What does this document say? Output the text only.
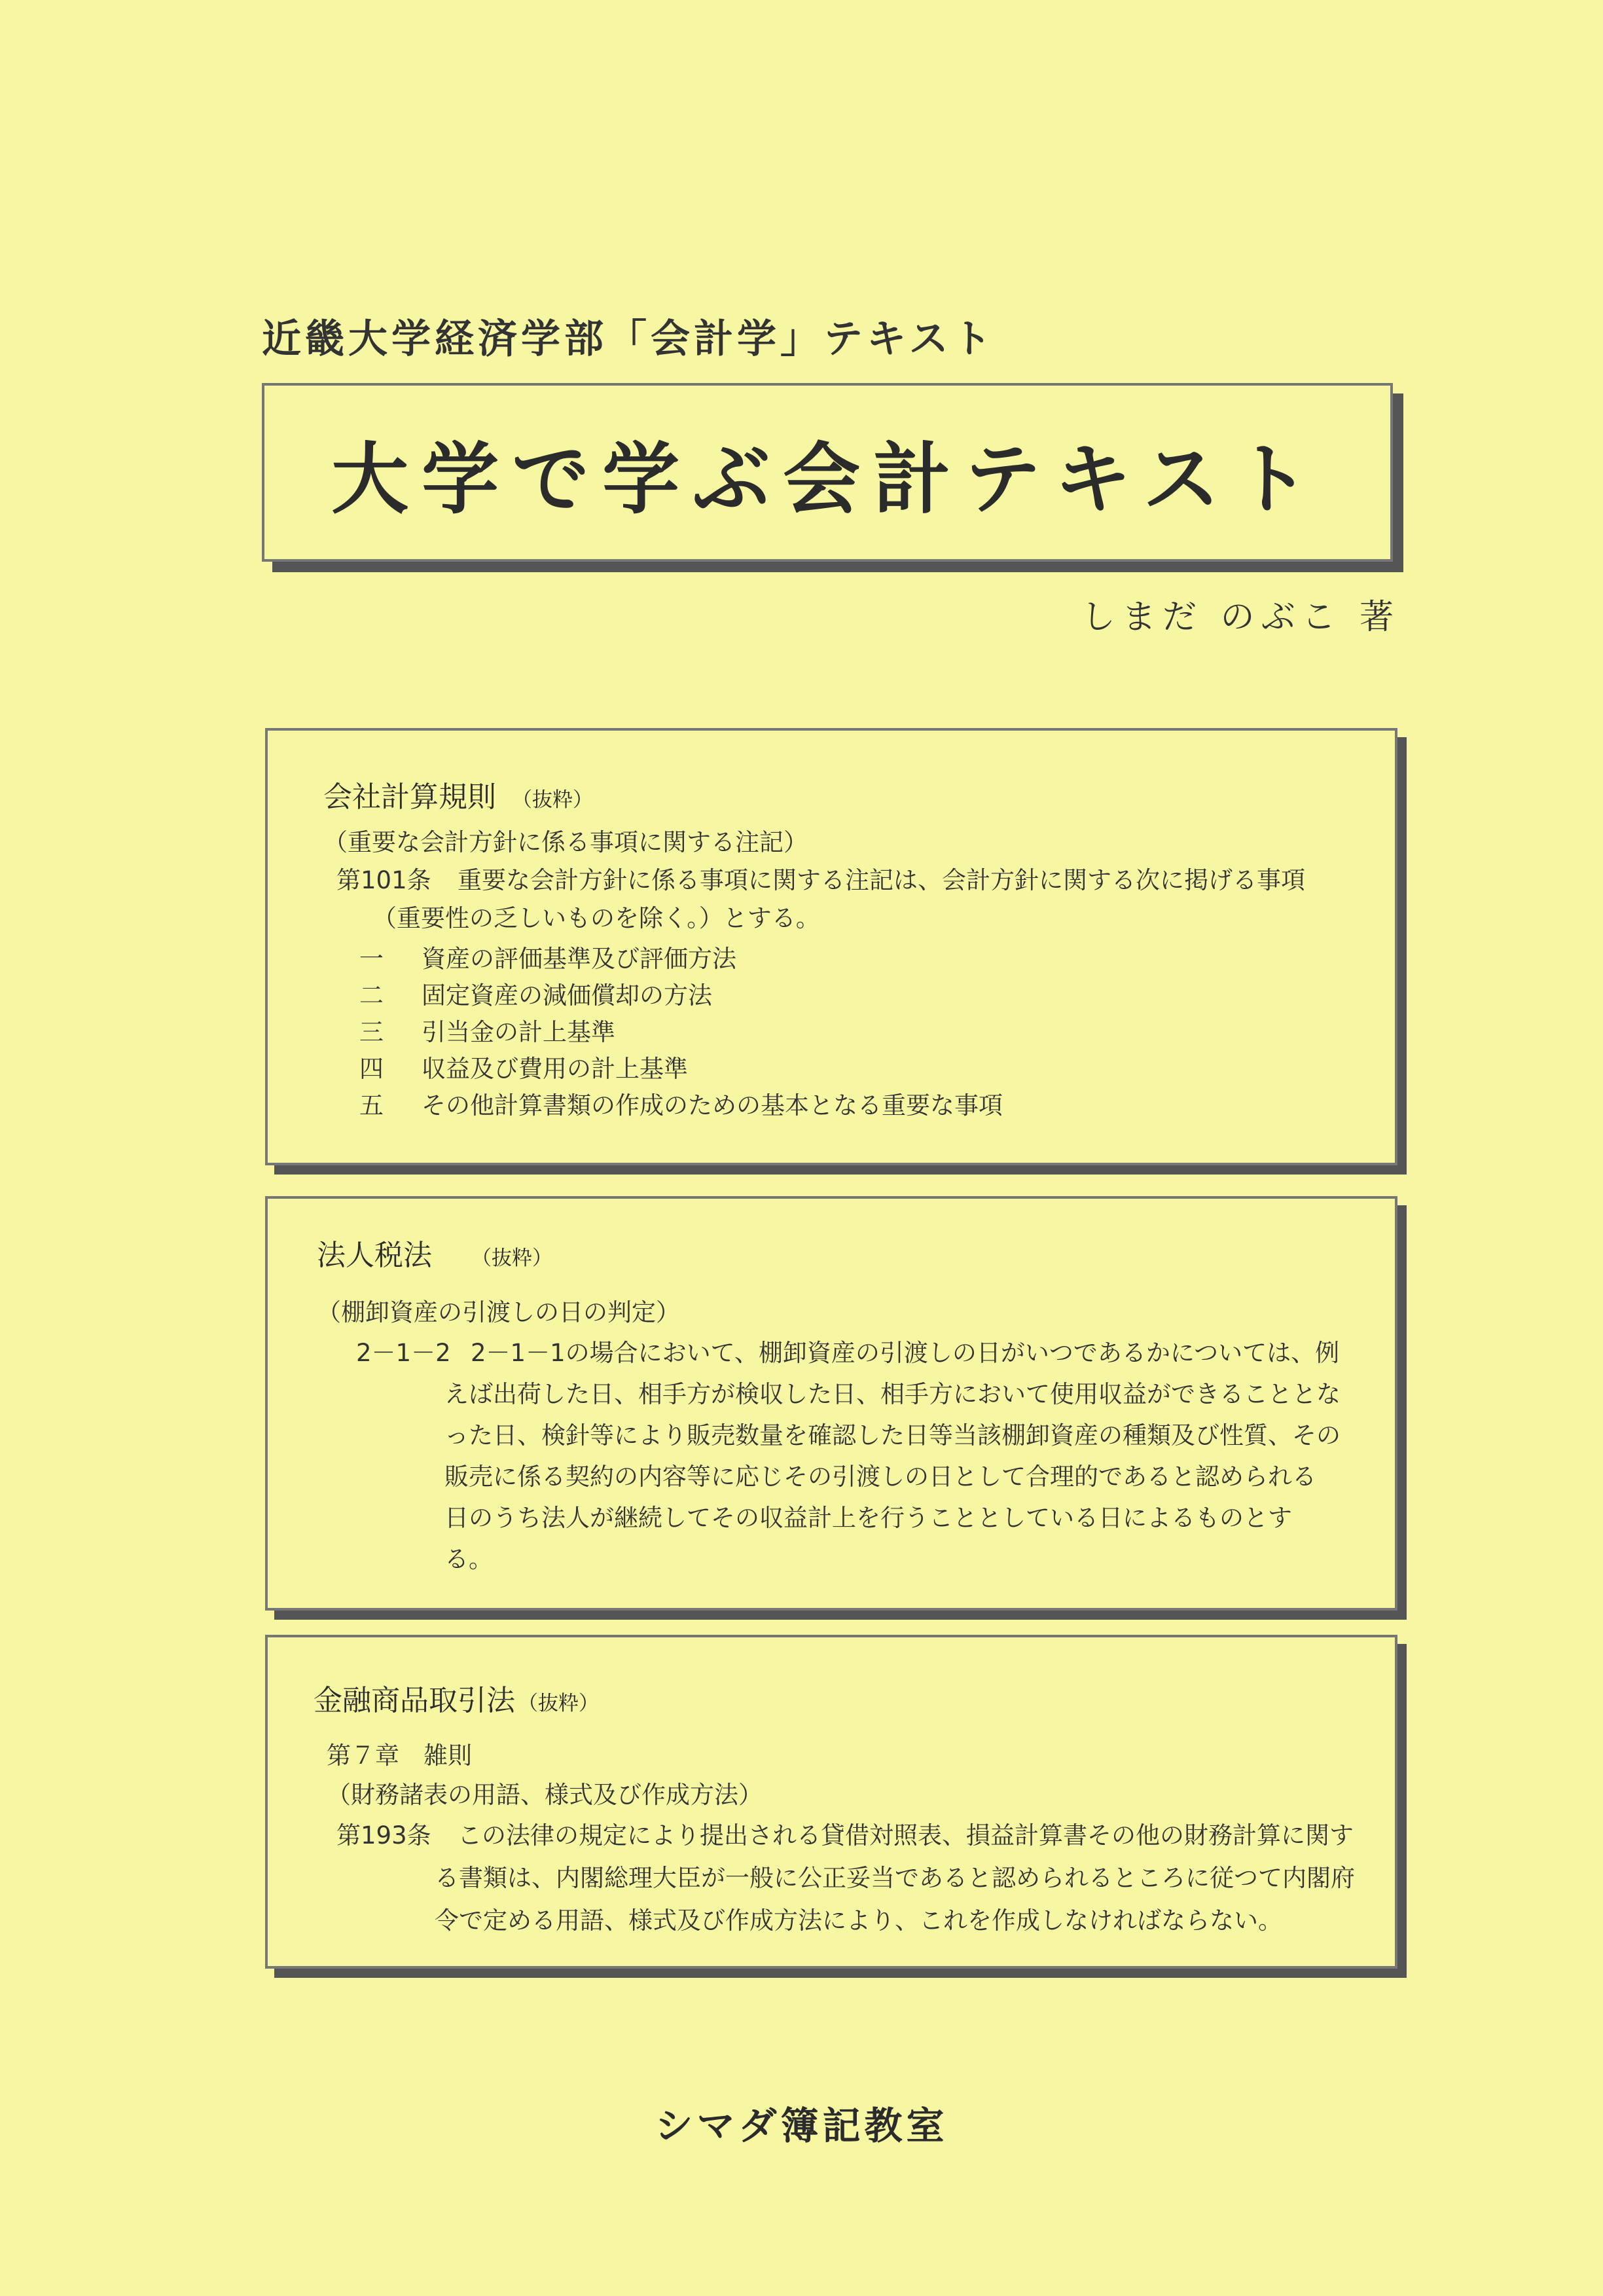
近畿大学経済学部「会計学」テキスト
大学で学ぶ会計テキスト
しまだ のぶこ 著
会社計算規則 （抜粋）
（重要な会計方針に係る事項に関する注記）
第101条 重要な会計方針に係る事項に関する注記は、会計方針に関する次に掲げる事項
（重要性の乏しいものを除く。）とする。
一 資産の評価基準及び評価方法
二 固定資産の減価償却の方法
三 引当金の計上基準
四 収益及び費用の計上基準
五 その他計算書類の作成のための基本となる重要な事項
法人税法 （抜粋）
（棚卸資産の引渡しの日の判定）
2－1－2 2－1－1の場合において、棚卸資産の引渡しの日がいつであるかについては、例
えば出荷した日、相手方が検収した日、相手方において使用収益ができることとな
った日、検針等により販売数量を確認した日等当該棚卸資産の種類及び性質、その
販売に係る契約の内容等に応じその引渡しの日として合理的であると認められる
日のうち法人が継続してその収益計上を行うこととしている日によるものとす
る。
金融商品取引法 （抜粋）
第７章　雑則
（財務諸表の用語、様式及び作成方法）
第193条 この法律の規定により提出される貸借対照表、損益計算書その他の財務計算に関す
る書類は、内閣総理大臣が一般に公正妥当であると認められるところに従つて内閣府
令で定める用語、様式及び作成方法により、これを作成しなければならない。
シマダ簿記教室
